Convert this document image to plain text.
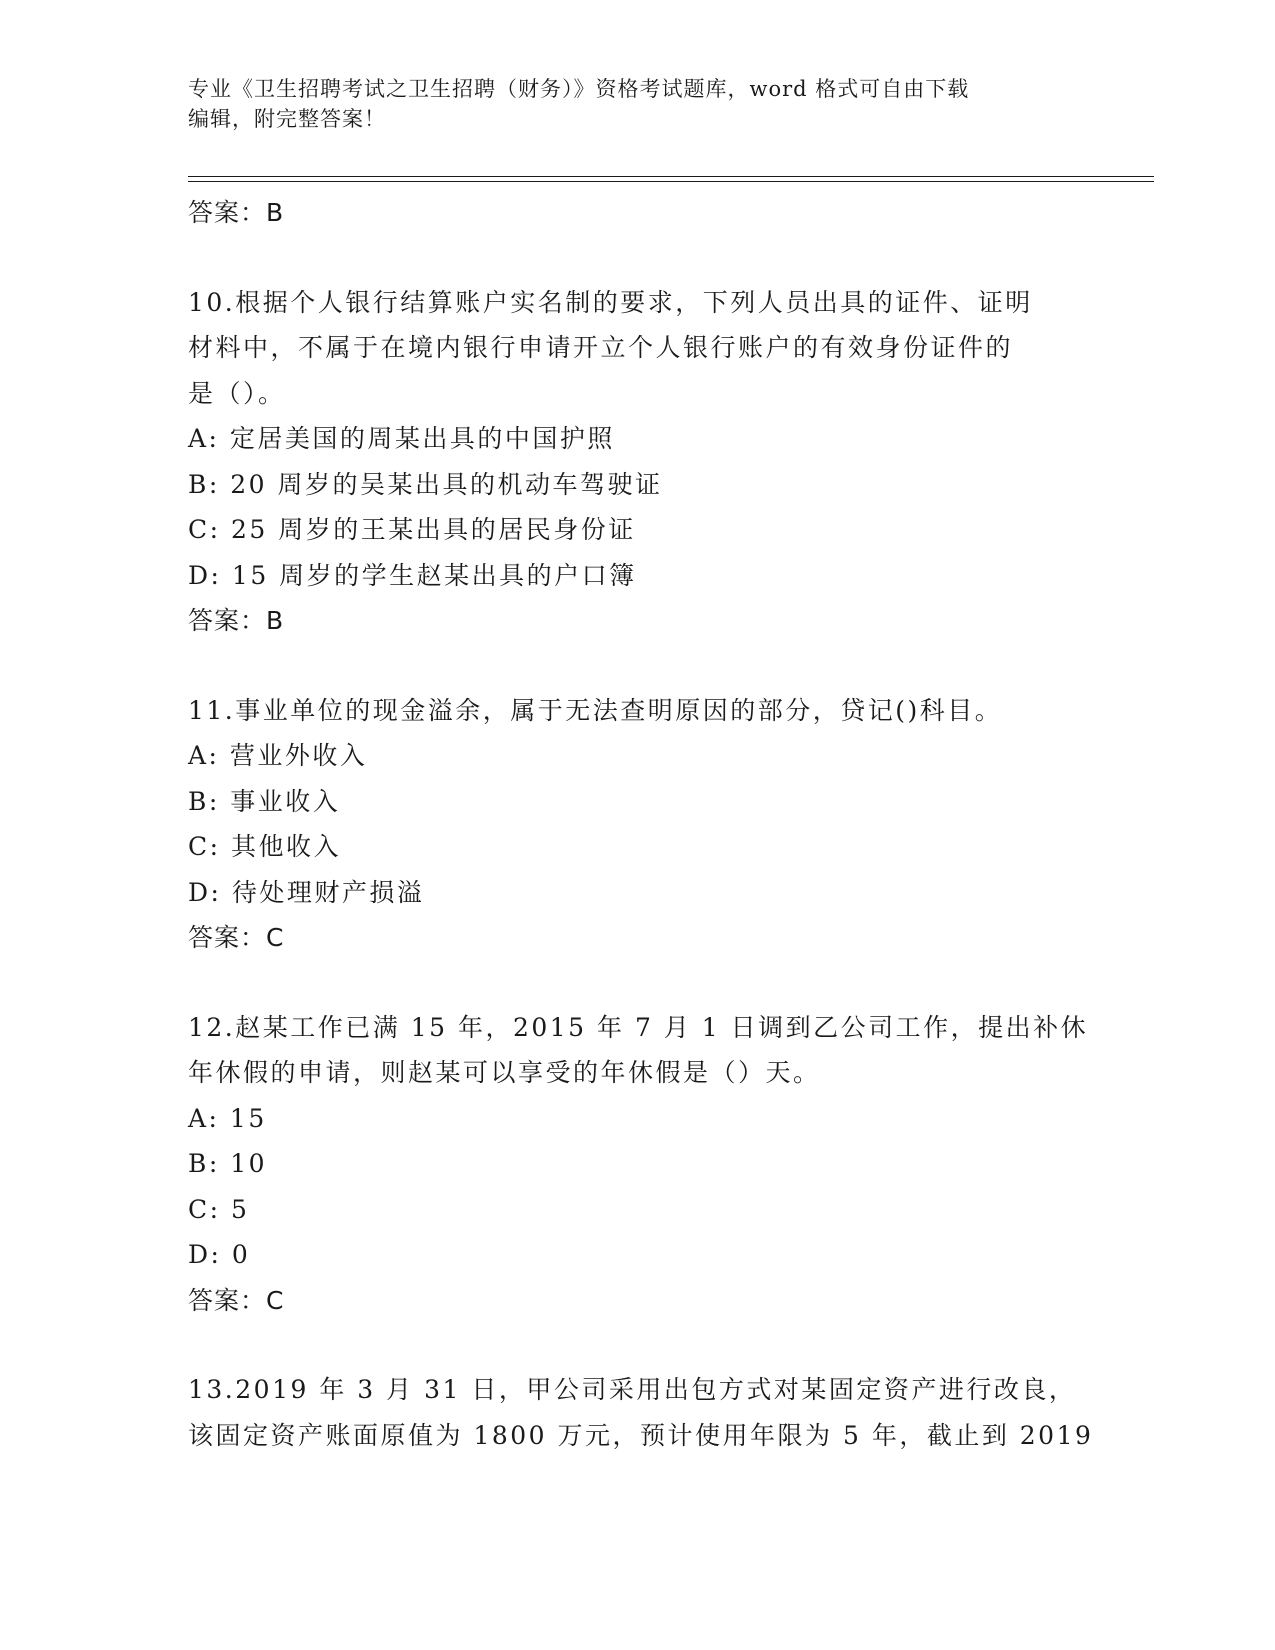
专业《卫生招聘考试之卫生招聘（财务）》资格考试题库，word 格式可自由下载
编辑，附完整答案！
答案：B
10.根据个人银行结算账户实名制的要求，下列人员出具的证件、证明
材料中，不属于在境内银行申请开立个人银行账户的有效身份证件的
是（）。
A: 定居美国的周某出具的中国护照
B: 20 周岁的吴某出具的机动车驾驶证
C: 25 周岁的王某出具的居民身份证
D: 15 周岁的学生赵某出具的户口簿
答案：B
11.事业单位的现金溢余，属于无法查明原因的部分，贷记()科目。
A: 营业外收入
B: 事业收入
C: 其他收入
D: 待处理财产损溢
答案：C
12.赵某工作已满 15 年，2015 年 7 月 1 日调到乙公司工作，提出补休
年休假的申请，则赵某可以享受的年休假是（）天。
A: 15
B: 10
C: 5
D: 0
答案：C
13.2019 年 3 月 31 日，甲公司采用出包方式对某固定资产进行改良，
该固定资产账面原值为 1800 万元，预计使用年限为 5 年，截止到 2019
